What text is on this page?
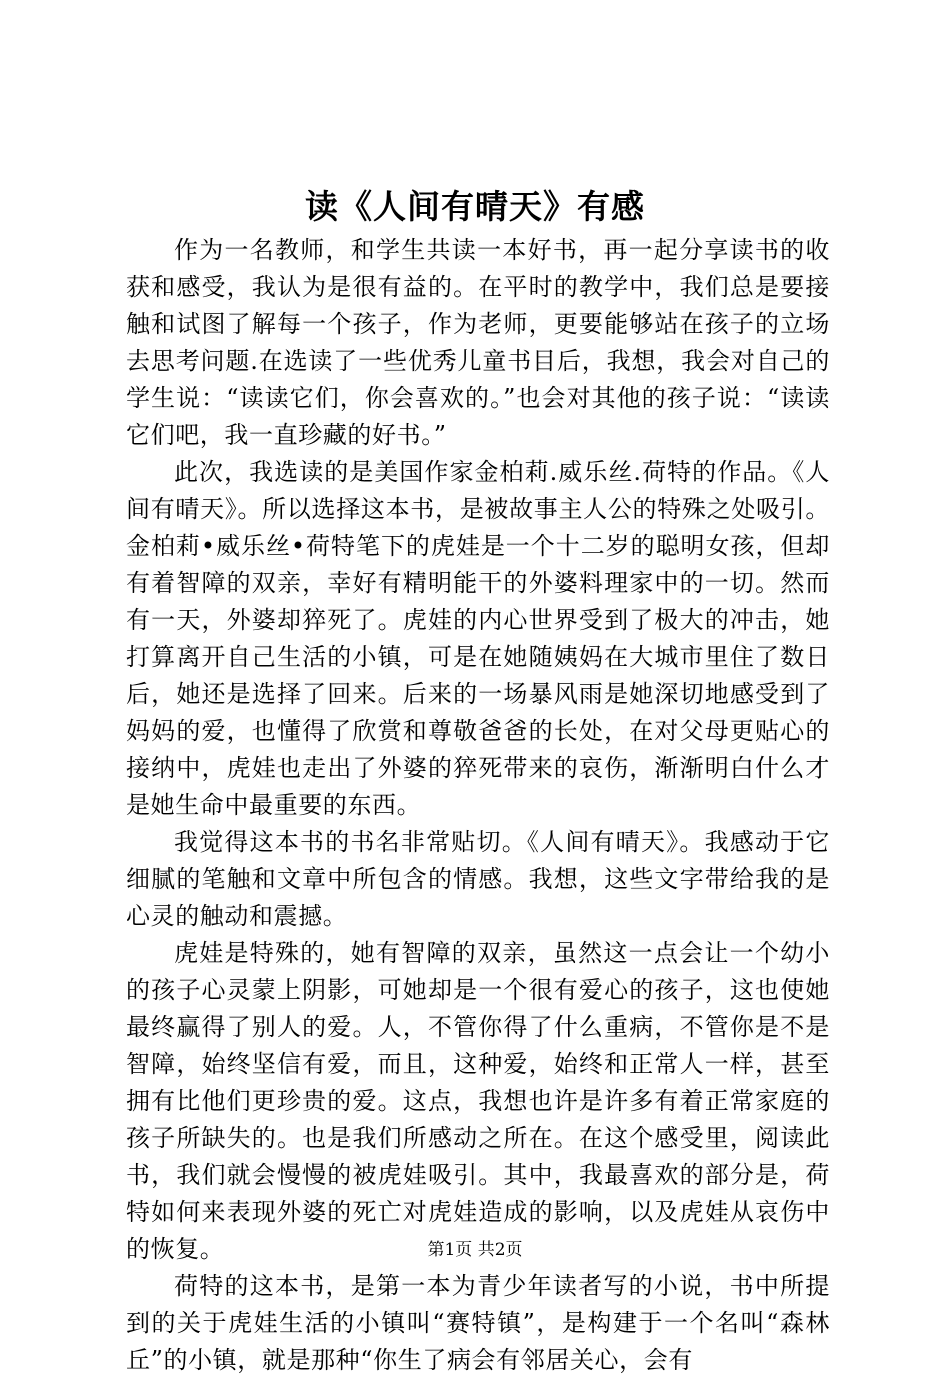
读《人间有晴天》有感

作为一名教师，和学生共读一本好书，再一起分享读书的收获和感受，我认为是很有益的。在平时的教学中，我们总是要接触和试图了解每一个孩子，作为老师，更要能够站在孩子的立场去思考问题.在选读了一些优秀儿童书目后，我想，我会对自己的学生说：“读读它们，你会喜欢的。”也会对其他的孩子说：“读读它们吧，我一直珍藏的好书。”

此次，我选读的是美国作家金柏莉.威乐丝.荷特的作品。《人间有晴天》。所以选择这本书，是被故事主人公的特殊之处吸引。金柏莉•威乐丝•荷特笔下的虎娃是一个十二岁的聪明女孩，但却有着智障的双亲，幸好有精明能干的外婆料理家中的一切。然而有一天，外婆却猝死了。虎娃的内心世界受到了极大的冲击，她打算离开自己生活的小镇，可是在她随姨妈在大城市里住了数日后，她还是选择了回来。后来的一场暴风雨是她深切地感受到了妈妈的爱，也懂得了欣赏和尊敬爸爸的长处，在对父母更贴心的接纳中，虎娃也走出了外婆的猝死带来的哀伤，渐渐明白什么才是她生命中最重要的东西。

我觉得这本书的书名非常贴切。《人间有晴天》。我感动于它细腻的笔触和文章中所包含的情感。我想，这些文字带给我的是心灵的触动和震撼。

虎娃是特殊的，她有智障的双亲，虽然这一点会让一个幼小的孩子心灵蒙上阴影，可她却是一个很有爱心的孩子，这也使她最终赢得了别人的爱。人，不管你得了什么重病，不管你是不是智障，始终坚信有爱，而且，这种爱，始终和正常人一样，甚至拥有比他们更珍贵的爱。这点，我想也许是许多有着正常家庭的孩子所缺失的。也是我们所感动之所在。在这个感受里，阅读此书，我们就会慢慢的被虎娃吸引。其中，我最喜欢的部分是，荷特如何来表现外婆的死亡对虎娃造成的影响，以及虎娃从哀伤中的恢复。

荷特的这本书，是第一本为青少年读者写的小说，书中所提到的关于虎娃生活的小镇叫“赛特镇”，是构建于一个名叫“森林丘”的小镇，就是那种“你生了病会有邻居关心，会有

第1页 共2页
